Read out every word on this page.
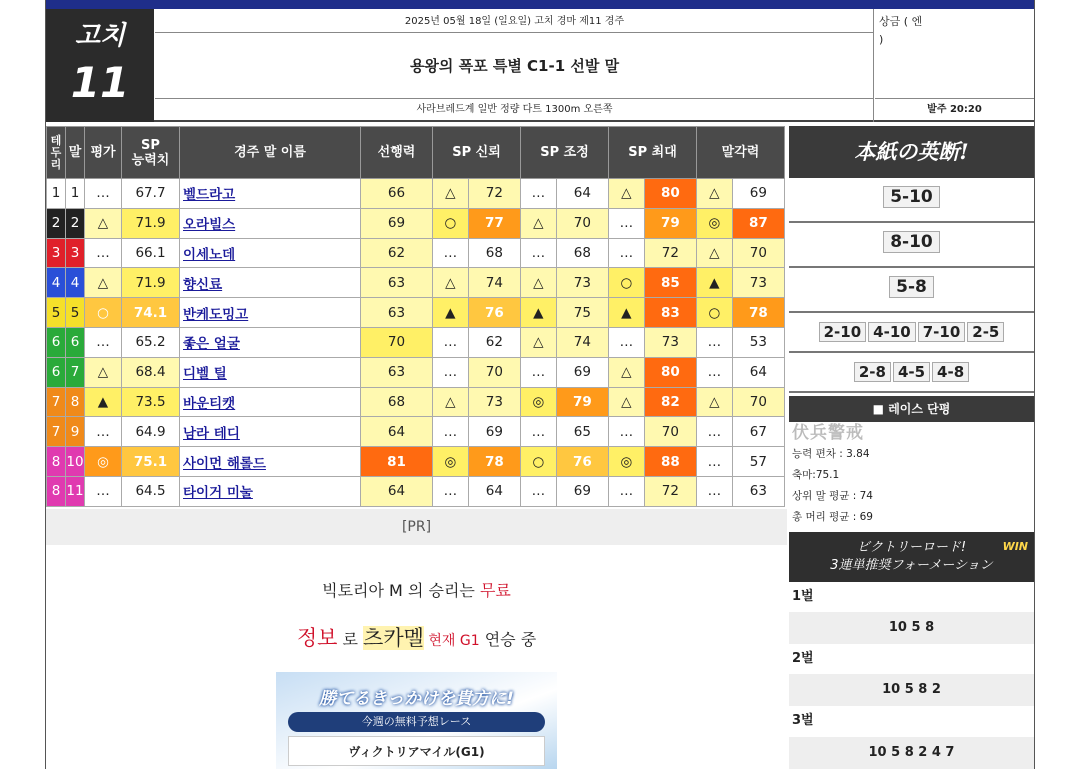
고치
11
2025년 05월 18일 (일요일) 고치 경마 제11 경주
용왕의 폭포 특별 C1-1 선발 말
사라브레드계 일반 정량 다트 1300m 오른쪽
상금 ( 엔
)
발주 20:20
테
두
리	말	평가	SP
능력치	경주 말 이름	선행력	SP 신뢰		SP 조정		SP 최대		말각력	
1	1	…	67.7	벨드라고	66	△	72	…	64	△	80	△	69
2	2	△	71.9	오라빌스	69	○	77	△	70	…	79	◎	87
3	3	…	66.1	이세노데	62	…	68	…	68	…	72	△	70
4	4	△	71.9	향신료	63	△	74	△	73	○	85	▲	73
5	5	○	74.1	반케도밍고	63	▲	76	▲	75	▲	83	○	78
6	6	…	65.2	좋은 얼굴	70	…	62	△	74	…	73	…	53
6	7	△	68.4	디벨 틸	63	…	70	…	69	△	80	…	64
7	8	▲	73.5	바운티캣	68	△	73	◎	79	△	82	△	70
7	9	…	64.9	남라 테디	64	…	69	…	65	…	70	…	67
8	10	◎	75.1	사이먼 해롤드	81	◎	78	○	76	◎	88	…	57
8	11	…	64.5	타이거 미눌	64	…	64	…	69	…	72	…	63
[PR]
빅토리아 M 의 승리는 무료
정보 로 츠카멜 현재 G1 연승 중
勝てるきっかけを貴方に!
今週の無料予想レース
ヴィクトリアマイル(G1)
本紙の英断!
5-10
8-10
5-8
2-10 4-10 7-10 2-5
2-8 4-5 4-8
■ 레이스 단평
伏兵警戒
능력 편차 : 3.84
축마:75.1
상위 말 평균 : 74
총 머리 평균 : 69
WIN
ビクトリーロード!
3連単推奨フォーメーション
1벌
10 5 8
2벌
10 5 8 2
3벌
10 5 8 2 4 7
